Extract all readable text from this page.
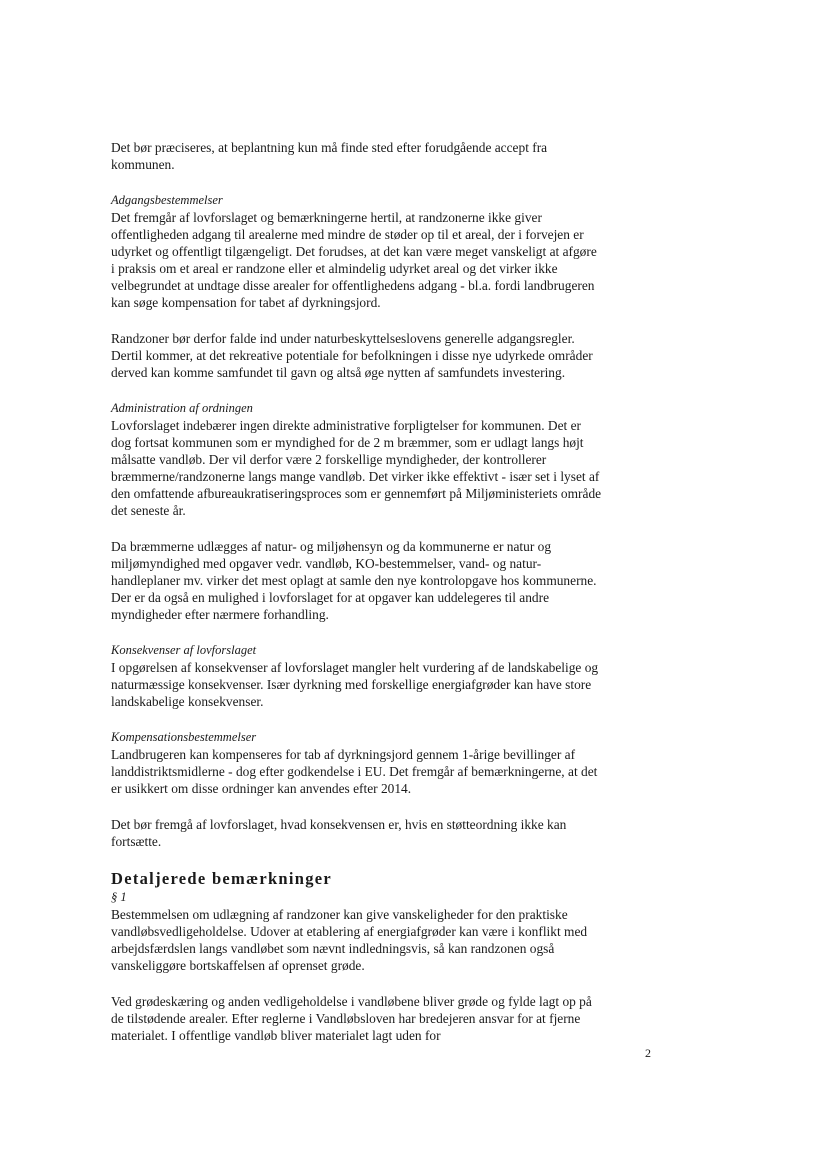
Det bør præciseres, at beplantning kun må finde sted efter forudgående accept fra kommunen.

Adgangsbestemmelser

Det fremgår af lovforslaget og bemærkningerne hertil, at randzonerne ikke giver offentligheden adgang til arealerne med mindre de støder op til et areal, der i forvejen er udyrket og offentligt tilgængeligt. Det forudses, at det kan være meget vanskeligt at afgøre i praksis om et areal er randzone eller et almindelig udyrket areal og det virker ikke velbegrundet at undtage disse arealer for offentlighedens adgang - bl.a. fordi landbrugeren kan søge kompensation for tabet af dyrkningsjord.

Randzoner bør derfor falde ind under naturbeskyttelseslovens generelle adgangsregler. Dertil kommer, at det rekreative potentiale for befolkningen i disse nye udyrkede områder derved kan komme samfundet til gavn og altså øge nytten af samfundets investering.

Administration af ordningen

Lovforslaget indebærer ingen direkte administrative forpligtelser for kommunen. Det er dog fortsat kommunen som er myndighed for de 2 m bræmmer, som er udlagt langs højt målsatte vandløb. Der vil derfor være 2 forskellige myndigheder, der kontrollerer bræmmerne/randzonerne langs mange vandløb. Det virker ikke effektivt - især set i lyset af den omfattende afbureaukratiseringsproces som er gennemført på Miljøministeriets område det seneste år.

Da bræmmerne udlægges af natur- og miljøhensyn og da kommunerne er natur og miljømyndighed med opgaver vedr. vandløb, KO-bestemmelser, vand- og natur-handleplaner mv. virker det mest oplagt at samle den nye kontrolopgave hos kommunerne. Der er da også en mulighed i lovforslaget for at opgaver kan uddelegeres til andre myndigheder efter nærmere forhandling.

Konsekvenser af lovforslaget

I opgørelsen af konsekvenser af lovforslaget mangler helt vurdering af de landskabelige og naturmæssige konsekvenser. Især dyrkning med forskellige energiafgrøder kan have store landskabelige konsekvenser.

Kompensationsbestemmelser

Landbrugeren kan kompenseres for tab af dyrkningsjord gennem 1-årige bevillinger af landdistriktsmidlerne - dog efter godkendelse i EU. Det fremgår af bemærkningerne, at det er usikkert om disse ordninger kan anvendes efter 2014.

Det bør fremgå af lovforslaget, hvad konsekvensen er, hvis en støtteordning ikke kan fortsætte.

Detaljerede bemærkninger

§ 1

Bestemmelsen om udlægning af randzoner kan give vanskeligheder for den praktiske vandløbsvedligeholdelse. Udover at etablering af energiafgrøder kan være i konflikt med arbejdsfærdslen langs vandløbet som nævnt indledningsvis, så kan randzonen også vanskeliggøre bortskaffelsen af oprenset grøde.

Ved grødeskæring og anden vedligeholdelse i vandløbene bliver grøde og fylde lagt op på de tilstødende arealer. Efter reglerne i Vandløbsloven har bredejeren ansvar for at fjerne materialet. I offentlige vandløb bliver materialet lagt uden for

2
